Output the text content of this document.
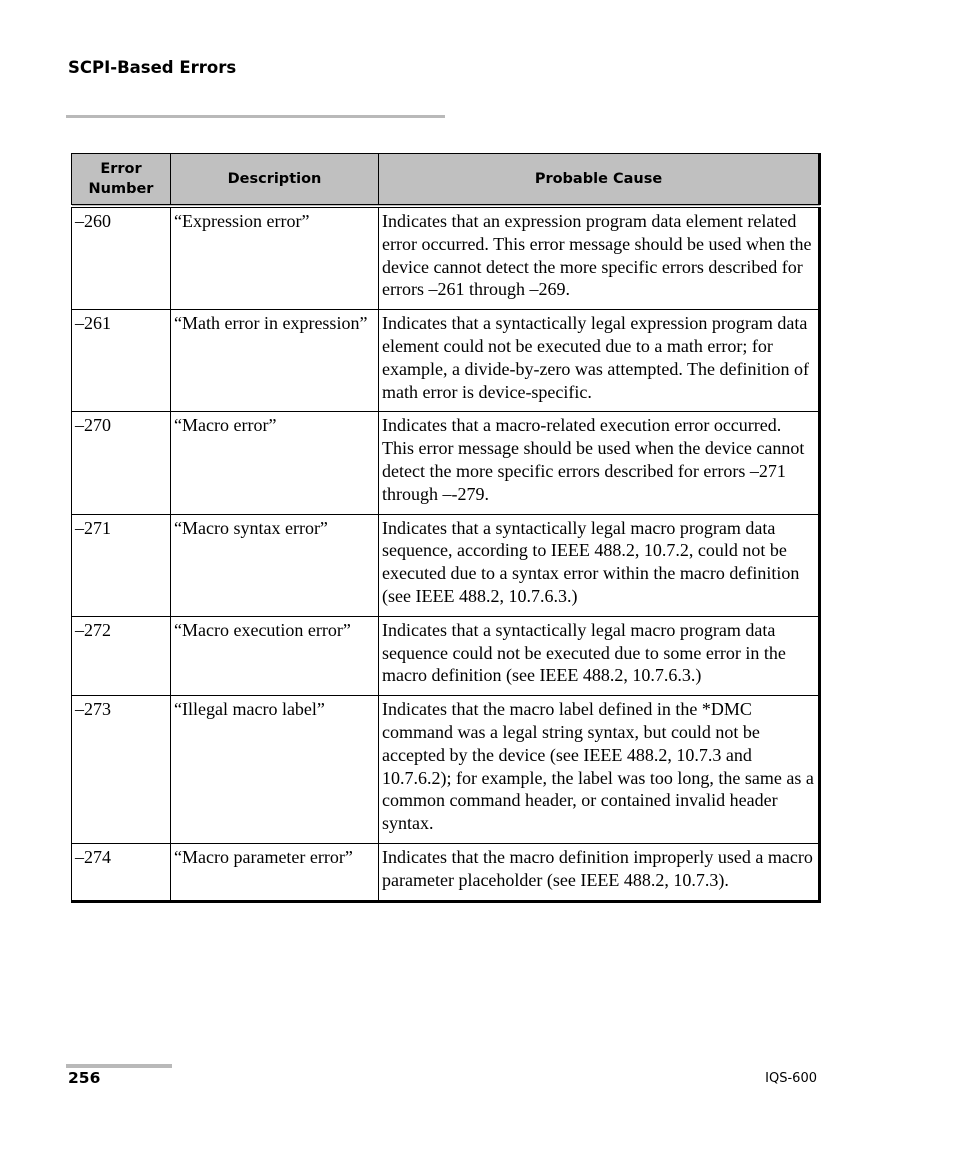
SCPI-Based Errors
Error Number	Description	Probable Cause
–260	“Expression error”	Indicates that an expression program data element related error occurred. This error message should be used when the device cannot detect the more specific errors described for errors –261 through –269.
–261	“Math error in expression”	Indicates that a syntactically legal expression program data element could not be executed due to a math error; for example, a divide-by-zero was attempted. The definition of math error is device-specific.
–270	“Macro error”	Indicates that a macro-related execution error occurred. This error message should be used when the device cannot detect the more specific errors described for errors –271 through –-279.
–271	“Macro syntax error”	Indicates that a syntactically legal macro program data sequence, according to IEEE 488.2, 10.7.2, could not be executed due to a syntax error within the macro definition (see IEEE 488.2, 10.7.6.3.)
–272	“Macro execution error”	Indicates that a syntactically legal macro program data sequence could not be executed due to some error in the macro definition (see IEEE 488.2, 10.7.6.3.)
–273	“Illegal macro label”	Indicates that the macro label defined in the *DMC command was a legal string syntax, but could not be accepted by the device (see IEEE 488.2, 10.7.3 and 10.7.6.2); for example, the label was too long, the same as a common command header, or contained invalid header syntax.
–274	“Macro parameter error”	Indicates that the macro definition improperly used a macro parameter placeholder (see IEEE 488.2, 10.7.3).
256	IQS-600
